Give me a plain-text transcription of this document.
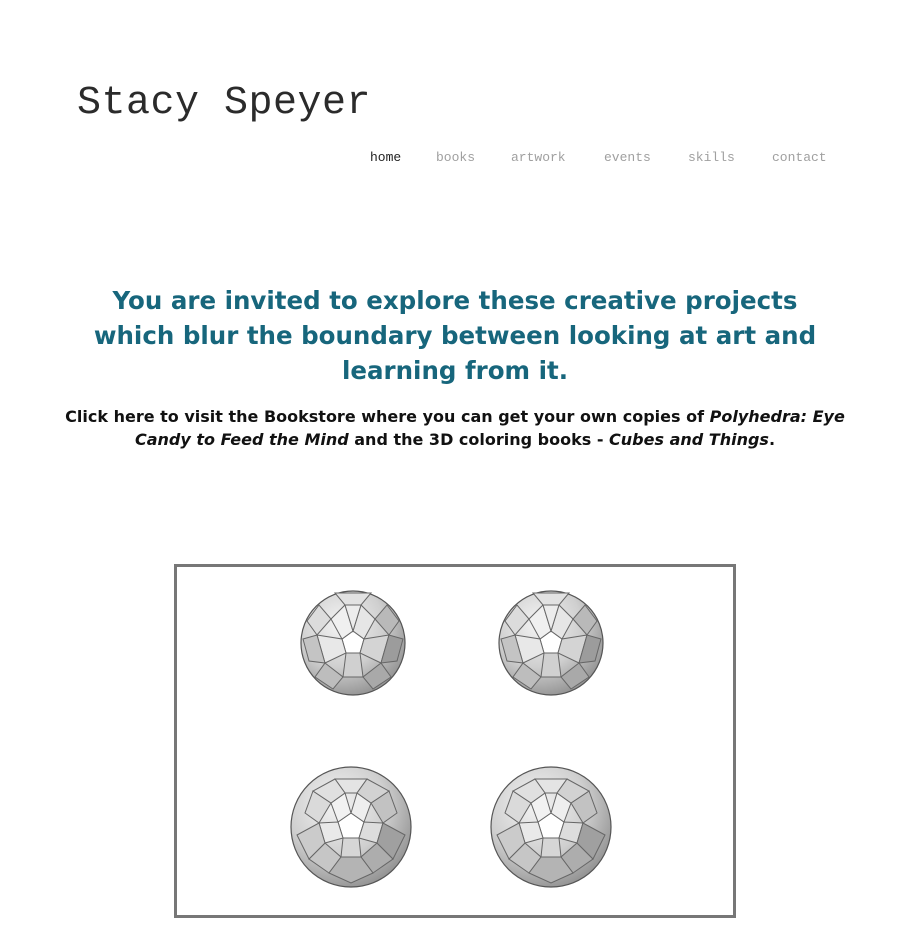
Stacy Speyer
home	books	artwork	events	skills	contact
You are invited to explore these creative projects which blur the boundary between looking at art and learning from it.

Click here to visit the Bookstore where you can get your own copies of Polyhedra: Eye Candy to Feed the Mind and the 3D coloring books - Cubes and Things.
